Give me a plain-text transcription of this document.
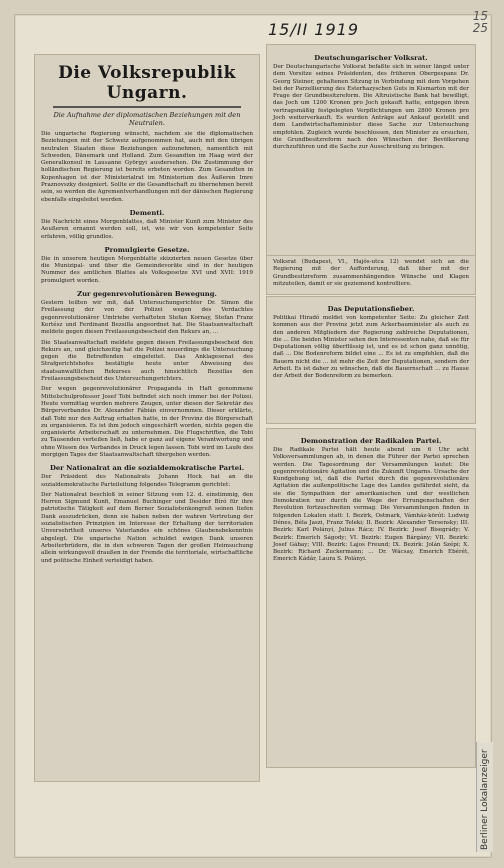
15/II 1919
15
25
Die Volksrepublik Ungarn.
Die Aufnahme der diplomatischen Beziehungen mit den Neutralen.

Die ungarische Regierung wünscht, nachdem sie die diplomatischen Beziehungen mit der Schweiz aufgenommen hat, auch mit den übrigen neutralen Staaten diese Beziehungen aufzunehmen, namentlich mit Schweden, Dänemark und Holland. Zum Gesandten im Haag wird der Generalkonsul in Lausanne Györgyi ausdersehen. Die Zustimmung der holländischen Regierung ist bereits erbeten worden. Zum Gesandten in Kopenhagen ist der Ministerialrat im Ministerium des Äußeren Imre Praznovszky designiert. Sollte er die Gesandtschaft zu übernehmen bereit sein, so werden die Agrementverhandlungen mit der dänischen Regierung ebenfalls eingeleitet werden.

Dementi.

Die Nachricht eines Morgenblattes, daß Minister Kunfi zum Minister des Aeußeren ernannt werden soll, ist, wie wir von kompetenter Seite erfahren, völlig grundlos.

Promulgierte Gesetze.

Die in unserem heutigen Morgenblatte skizzierten neuen Gesetze über die Munizipal- und über die Gemeindevoräte sind in der heutigen Nummer des amtlichen Blattes als Volksgesetze XVI und XVII: 1919 promulgiert worden.

Zur gegenrevolutionären Bewegung.

Gestern teilten wir mit, daß Untersuchungsrichter Dr. Simon die Freilassung der von der Polizei wegen des Verdachtes gegenrevolutionärer Umtriebe verhafteten Stefan Kornay, Stefan Franz Kertész und Ferdinand Bezsilla angeordnet hat. Die Staatsanwaltschaft meldete gegen diesen Freilassungsbescheid den Rekurs an, ...

Die Staatsanwaltschaft meldete gegen diesen Freilassungsbescheid den Rekurs an, und gleichzeitig hat die Polizei neuerdings die Untersuchung gegen die Betreffenden eingeleitet. Das Anklagesenat des Strafgerichtshofes bestätigte heute unter Abweisung des staatsanwaltlichen Rekurses auch hinsichtlich Bezsillas den Freilassungsbescheid des Untersuchungsrichters.

Der wegen gegenrevolutionärer Propaganda in Haft genommene Mittelschulprofessor Josef Tobi befindet sich noch immer bei der Polizei. Heute vormittag wurden mehrere Zeugen, unter diesen der Sekretär des Bürgerverbandes Dr. Alexander Fábián einvernommen. Dieser erklärte, daß Tobi nur den Auftrag erhalten hatte, in der Provinz die Bürgerschaft zu organisieren. Es ist ihm jedoch eingeschärft worden, nichts gegen die organisierte Arbeiterschaft zu unternehmen. Die Flugschriften, die Tobi zu Tausenden verteilen ließ, habe er ganz auf eigene Verantwortung und ohne Wissen des Verbandes in Druck legen lassen. Tobi wird im Laufe des morgigen Tages der Staatsanwaltschaft übergeben werden.

Der Nationalrat an die sozialdemokratische Partei.

Der Präsident des Nationalrats Johann Hock hat an die sozialdemokratische Parteileitung folgendes Telegramm gerichtet:

Der Nationalrat beschloß in seiner Sitzung vom 12. d. einstimmig, den Herren Sigmund Kunfi, Emanuel Buchinger und Desider Bíró für ihre patriotische Tätigkeit auf dem Berner Sozialistenkongreß seinen tiefen Dank auszudrücken, denn sie haben neben der wahren Vertretung der sozialistischen Prinzipien im Interesse der Erhaltung der territorialen Unversehrtheit unseres Vaterlandes ein schönes Glaubensbekenntnis abgelegt. Die ungarische Nation schuldet ewigen Dank unseren Arbeiterbrüdern, die in den schweren Tagen der großen Heimsuchung allein wirkungsvoll draußen in der Fremde die territoriale, wirtschaftliche und politische Einheit verteidigt haben.

Deutschungarischer Volksrat.

Der Deutschungarische Volksrat befaßte sich in seiner längst unter dem Vorsitze seines Präsidenten, des früheren Obergespans Dr. Georg Steiner, gehaltenen Sitzung in Verbindung mit dem Vorgehen bei der Parzellierung des Esterhazyschen Guts in Kismarton mit der Frage der Grundbesitzreform. Die Altruistische Bank hat bewilligt, das Joch um 1200 Kronen pro Joch gekauft hatte, entgegen ihren vertragsmäßig festgelegten Verpflichtungen um 2800 Kronen pro Joch weiterverkauft. Es wurden Anträge auf Ankauf gestellt und dem Landwirtschaftsminister diese Sache zur Untersuchung empfohlen. Zugleich wurde beschlossen, den Minister zu ersuchen, die Grundbesitzreform nach den Wünschen der Bevölkerung durchzuführen und die Sache zur Ausschreitung zu bringen.

Volksrat (Budapest, VI., Hajós-utca 12) wendet sich an die Regierung mit der Aufforderung, daß über mit der Grundbesitzreform zusammenhängenden Wünsche und Klagen mitzuteilen, damit er sie geziemend kontrolliere.

Das Deputationsfieber.

Politikai Hiradó meldet von kompetenter Seite: Zu gleicher Zeit kommen aus der Provinz jetzt zum Ackerbauminister als auch zu den anderen Mitgliedern der Regierung zahlreiche Deputationen, die ... Die beiden Minister sehen den Interessenten nahe, daß sie für Deputationen völlig überflüssig ist, und es ist schon ganz unnötig, daß ... Die Bodenreform bildet eine ... Es ist zu empfehlen, daß die Bauern nicht die ... ist mehr die Zeit der Deputationen, sondern der Arbeit. Es ist daher zu wünschen, daß die Bauernschaft ... zu Hause der Arbeit der Bodenreform zu bemerken.

Demonstration der Radikalen Partei.

Die Radikale Partei hält heute abend um 6 Uhr acht Volksversammlungen ab, in denen die Führer der Partei sprechen werden. Die Tagesordnung der Versammlungen lautet: Die gegenrevolutionäre Agitation und die Zukunft Ungarns. Ursache der Kundgebung ist, daß die Partei durch die gegenrevolutionäre Agitation die außenpolitische Lage des Landes gefährdet sieht, da sie die Sympathien der amerikanischen und der westlichen Demokratien nur durch die Wege der Errungenschaften der Revolution fortzuschreiten vermag. Die Versammlungen finden in folgenden Lokalen statt: I. Bezirk, Ostmark, Vámház-körút: Ludwig Dénes, Béla Jaszi, Franz Teleki; II. Bezirk: Alexander Tersensky; III. Bezirk: Karl Polányi, Julius Rácz; IV. Bezirk: Josef Bisegrády; V. Bezirk: Emerich Ságody; VI. Bezirk: Eugen Bárgány; VII. Bezirk: Josef Gábay; VIII. Bezirk: Lajos Freund; IX. Bezirk: Jolán Szépi; X. Bezirk: Richard Zuckermann; ... Dr. Wácsay, Emerich Ebérét, Emerich Kádár, Laura S. Polányi.

Berliner Lokalanzeiger
